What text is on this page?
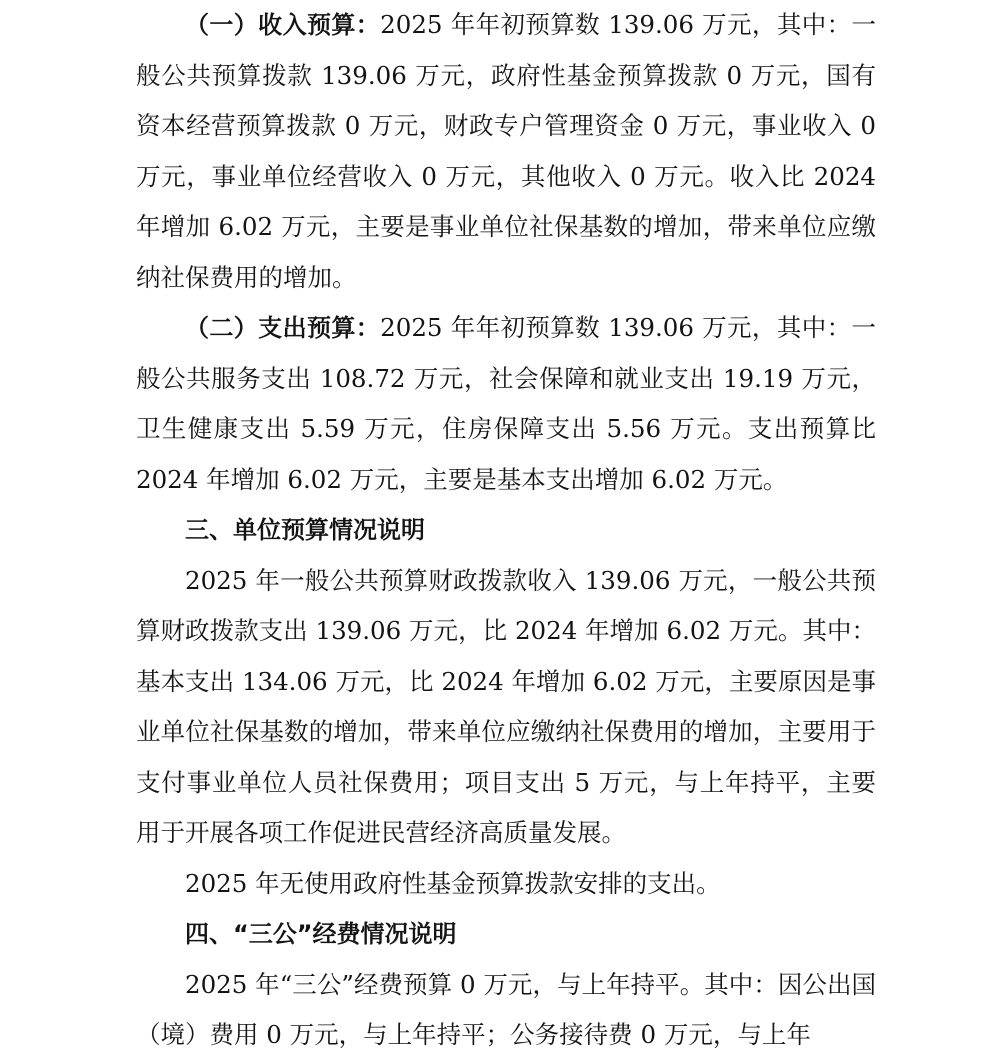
（一）收入预算：2025 年年初预算数 139.06 万元，其中：一般公共预算拨款 139.06 万元，政府性基金预算拨款 0 万元，国有资本经营预算拨款 0 万元，财政专户管理资金 0 万元，事业收入 0 万元，事业单位经营收入 0 万元，其他收入 0 万元。收入比 2024 年增加 6.02 万元，主要是事业单位社保基数的增加，带来单位应缴纳社保费用的增加。

（二）支出预算：2025 年年初预算数 139.06 万元，其中：一般公共服务支出 108.72 万元，社会保障和就业支出 19.19 万元，卫生健康支出 5.59 万元，住房保障支出 5.56 万元。支出预算比 2024 年增加 6.02 万元，主要是基本支出增加 6.02 万元。

三、单位预算情况说明

2025 年一般公共预算财政拨款收入 139.06 万元，一般公共预算财政拨款支出 139.06 万元，比 2024 年增加 6.02 万元。其中：基本支出 134.06 万元，比 2024 年增加 6.02 万元，主要原因是事业单位社保基数的增加，带来单位应缴纳社保费用的增加，主要用于支付事业单位人员社保费用；项目支出 5 万元，与上年持平，主要用于开展各项工作促进民营经济高质量发展。

2025 年无使用政府性基金预算拨款安排的支出。

四、“三公”经费情况说明

2025 年“三公”经费预算 0 万元，与上年持平。其中：因公出国（境）费用 0 万元，与上年持平；公务接待费 0 万元，与上年
